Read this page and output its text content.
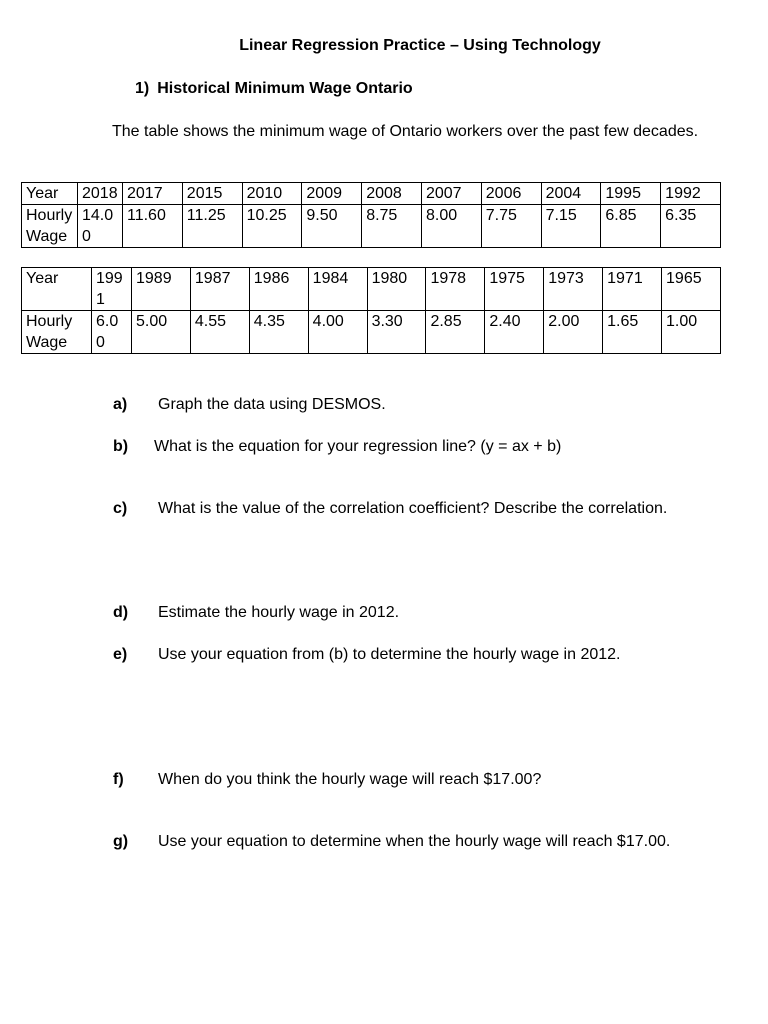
Linear Regression Practice – Using Technology
1) Historical Minimum Wage Ontario
The table shows the minimum wage of Ontario workers over the past few decades.
Year	2018	2017	2015	2010	2009	2008	2007	2006	2004	1995	1992
Hourly Wage	14.00	11.60	11.25	10.25	9.50	8.75	8.00	7.75	7.15	6.85	6.35
Year	1991	1989	1987	1986	1984	1980	1978	1975	1973	1971	1965
Hourly Wage	6.00	5.00	4.55	4.35	4.00	3.30	2.85	2.40	2.00	1.65	1.00
a) Graph the data using DESMOS.
b) What is the equation for your regression line? (y = ax + b)
c) What is the value of the correlation coefficient? Describe the correlation.
d) Estimate the hourly wage in 2012.
e) Use your equation from (b) to determine the hourly wage in 2012.
f) When do you think the hourly wage will reach $17.00?
g) Use your equation to determine when the hourly wage will reach $17.00.
